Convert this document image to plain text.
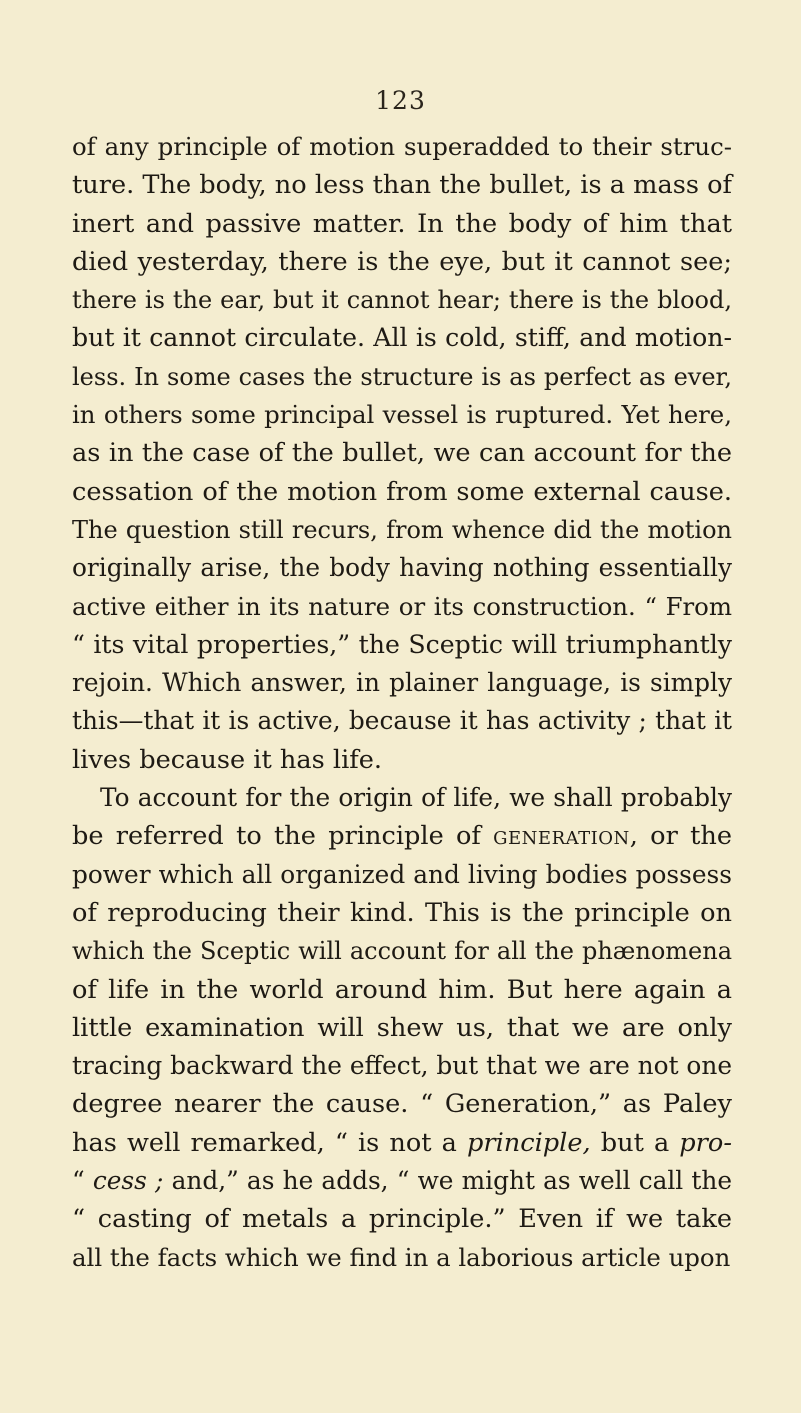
123
of any principle of motion superadded to their struc-
ture. The body, no less than the bullet, is a mass of
inert and passive matter. In the body of him that
died yesterday, there is the eye, but it cannot see;
there is the ear, but it cannot hear; there is the blood,
but it cannot circulate. All is cold, stiff, and motion-
less. In some cases the structure is as perfect as ever,
in others some principal vessel is ruptured. Yet here,
as in the case of the bullet, we can account for the
cessation of the motion from some external cause.
The question still recurs, from whence did the motion
originally arise, the body having nothing essentially
active either in its nature or its construction. “ From
“ its vital properties,” the Sceptic will triumphantly
rejoin. Which answer, in plainer language, is simply
this—that it is active, because it has activity ; that it
lives because it has life.
To account for the origin of life, we shall probably
be referred to the principle of generation, or the
power which all organized and living bodies possess
of reproducing their kind. This is the principle on
which the Sceptic will account for all the phænomena
of life in the world around him. But here again a
little examination will shew us, that we are only
tracing backward the effect, but that we are not one
degree nearer the cause. “ Generation,” as Paley
has well remarked, “ is not a principle, but a pro-
“ cess ; and,” as he adds, “ we might as well call the
“ casting of metals a principle.” Even if we take
all the facts which we find in a laborious article upon
